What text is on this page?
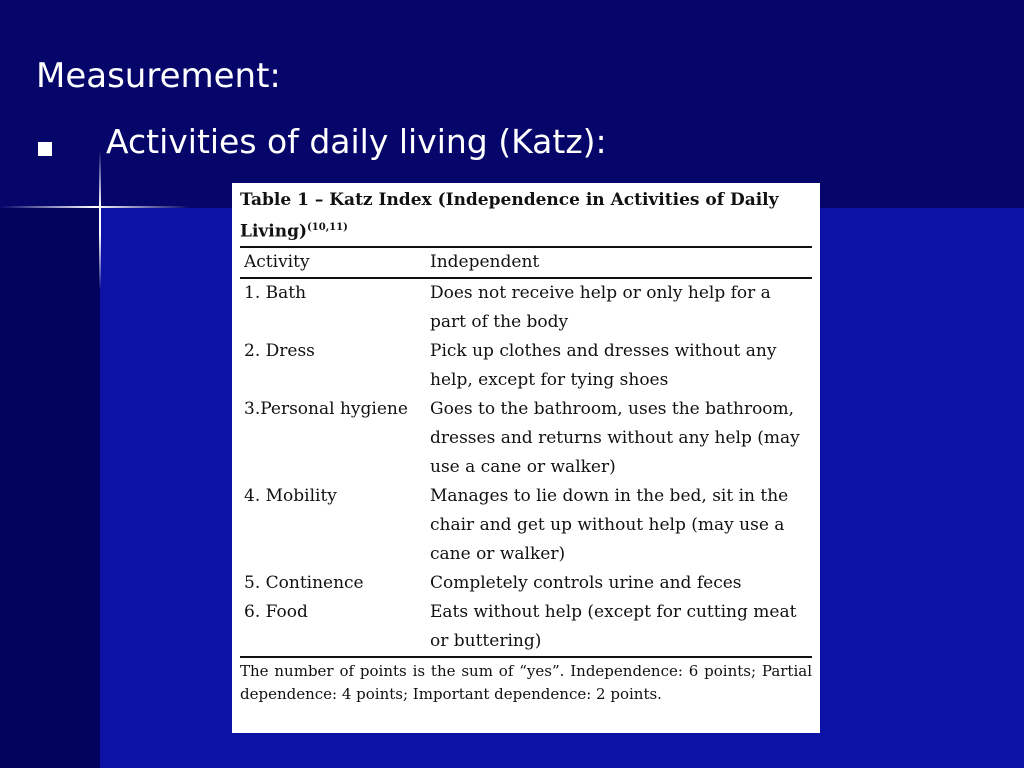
Measurement:

Activities of daily living (Katz):

Table 1 – Katz Index (Independence in Activities of Daily Living)$^{(10,11)}$
Activity	Independent
1. Bath	Does not receive help or only help for a part of the body
2. Dress	Pick up clothes and dresses without any help, except for tying shoes
3.Personal hygiene	Goes to the bathroom, uses the bathroom, dresses and returns without any help (may use a cane or walker)
4. Mobility	Manages to lie down in the bed, sit in the chair and get up without help (may use a cane or walker)
5. Continence	Completely controls urine and feces
6. Food	Eats without help (except for cutting meat or buttering)
The number of points is the sum of “yes”. Independence: 6 points; Partial dependence: 4 points; Important dependence: 2 points.
